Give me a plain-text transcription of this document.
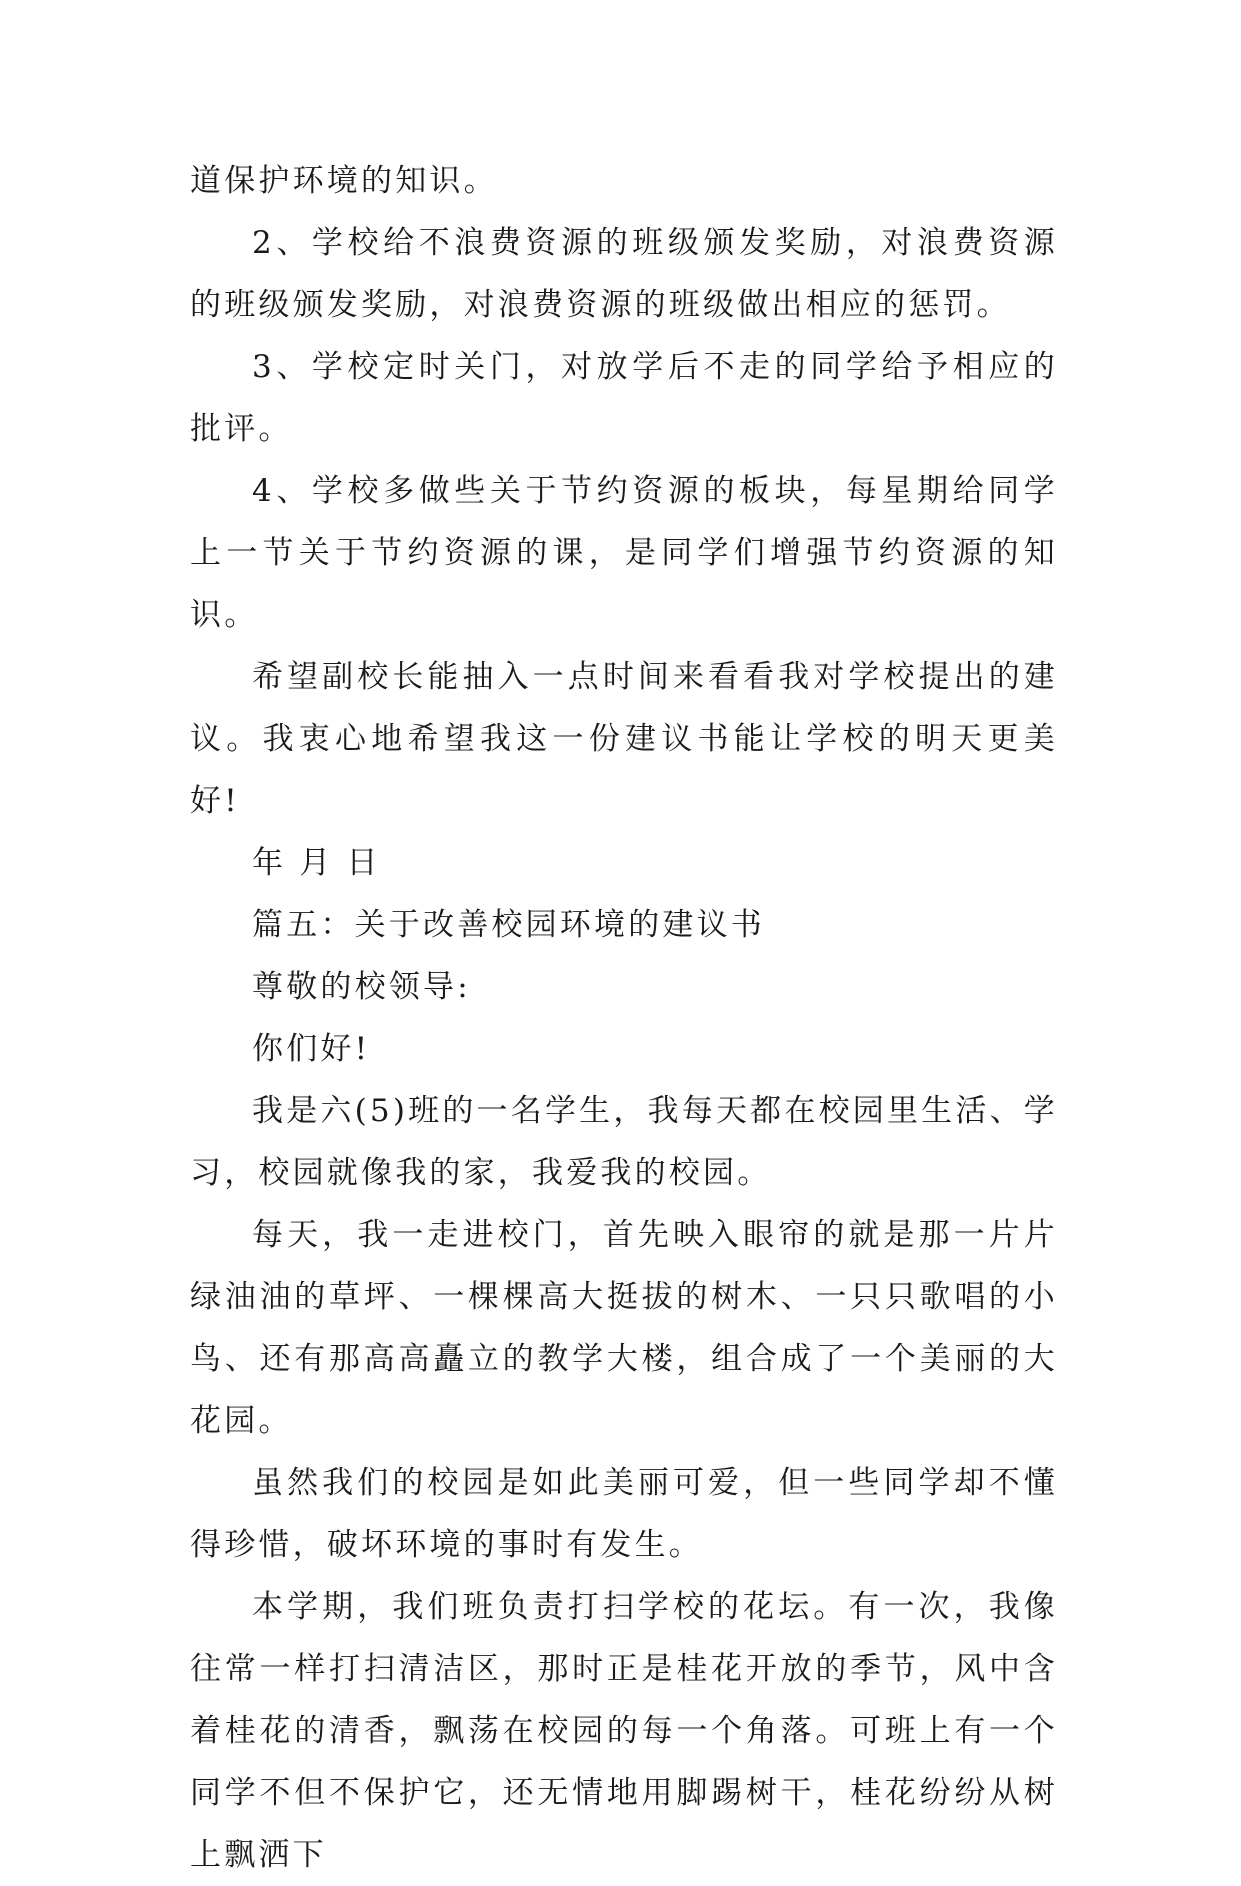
道保护环境的知识。

2、学校给不浪费资源的班级颁发奖励，对浪费资源的班级颁发奖励，对浪费资源的班级做出相应的惩罚。

3、学校定时关门，对放学后不走的同学给予相应的批评。

4、学校多做些关于节约资源的板块，每星期给同学上一节关于节约资源的课，是同学们增强节约资源的知识。

希望副校长能抽入一点时间来看看我对学校提出的建议。我衷心地希望我这一份建议书能让学校的明天更美好!

年 月 日

篇五：关于改善校园环境的建议书

尊敬的校领导:

你们好!

我是六(5)班的一名学生，我每天都在校园里生活、学习，校园就像我的家，我爱我的校园。

每天，我一走进校门，首先映入眼帘的就是那一片片绿油油的草坪、一棵棵高大挺拔的树木、一只只歌唱的小鸟、还有那高高矗立的教学大楼，组合成了一个美丽的大花园。

虽然我们的校园是如此美丽可爱，但一些同学却不懂得珍惜，破坏环境的事时有发生。

本学期，我们班负责打扫学校的花坛。有一次，我像往常一样打扫清洁区，那时正是桂花开放的季节，风中含着桂花的清香，飘荡在校园的每一个角落。可班上有一个同学不但不保护它，还无情地用脚踢树干，桂花纷纷从树上飘洒下
